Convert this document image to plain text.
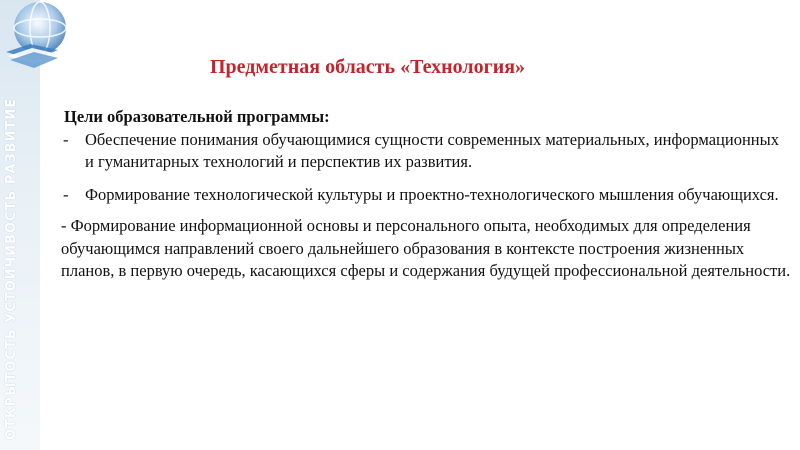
ОТКРЫТОСТЬ УСТОЙЧИВОСТЬ РАЗВИТИЕ
Предметная область «Технология»
Цели образовательной программы:
- Обеспечение понимания обучающимися сущности современных материальных, информационных и гуманитарных технологий и перспектив их развития.
- Формирование технологической культуры и проектно-технологического мышления обучающихся.
- Формирование информационной основы и персонального опыта, необходимых для определения обучающимся направлений своего дальнейшего образования в контексте построения жизненных планов, в первую очередь, касающихся сферы и содержания будущей профессиональной деятельности.
